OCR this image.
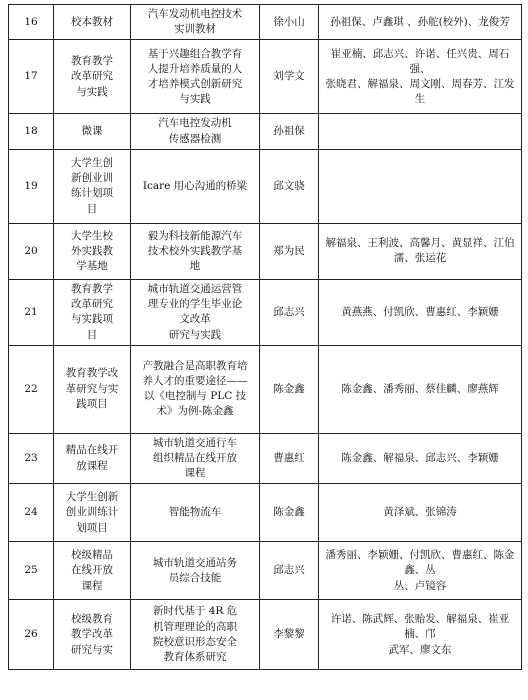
16	校本教材	汽车发动机电控技术
实训教材	徐小山	孙祖保、卢鑫琪 、孙舵(校外)、龙俊芳

17	教育教学
改革研究
与实践	基于兴趣组合教学育
人提升培养质量的人
才培养模式创新研究
与实践	刘学文	崔亚楠、邱志兴、许诺、任兴贵、周石强、
张晓君、解福泉、周文刚、周春芳、江发生

18	微课	汽车电控发动机
传感器检测	孙祖保	

19	大学生创
新创业训
练计划项
目	Icare 用心沟通的桥梁	邱文骁	

20	大学生校
外实践教
学基地	毅为科技新能源汽车
技术校外实践教学基
地	郑为民	解福泉、王利波、高馨月、黄显祥、江伯
濡、张运花

21	教育教学
改革研究
与实践项
目	城市轨道交通运营管
理专业的学生毕业论
文改革
研究与实践	邱志兴	黄燕燕、付凯欣、曹惠红、李颖姗

22	教育教学改
革研究与实
践项目	产教融合是高职教育培
养人才的重要途径——
以《电控制与 PLC 技
术》为例-陈金鑫	陈金鑫	陈金鑫、潘秀丽、蔡佳麟、廖燕辉

23	精品在线开
放课程	城市轨道交通行车
组织精品在线开放
课程	曹惠红	陈金鑫、解福泉、邱志兴、李颖姗

24	大学生创新
创业训练计
划项目	智能物流车	陈金鑫	黄泽斌、张锦涛

25	校级精品
在线开放
课程	城市轨道交通站务
员综合技能	邱志兴	潘秀丽、李颖姗、付凯欣、曹惠红、陈金鑫、丛
丛、卢镜容

26	校级教育
教学改革
研究与实	新时代基于 4R 危
机管理理论的高职
院校意识形态安全
教育体系研究	李黎黎	许诺、陈武辉、张贻发、解福泉、崔亚楠、邝
武军、廖文东
